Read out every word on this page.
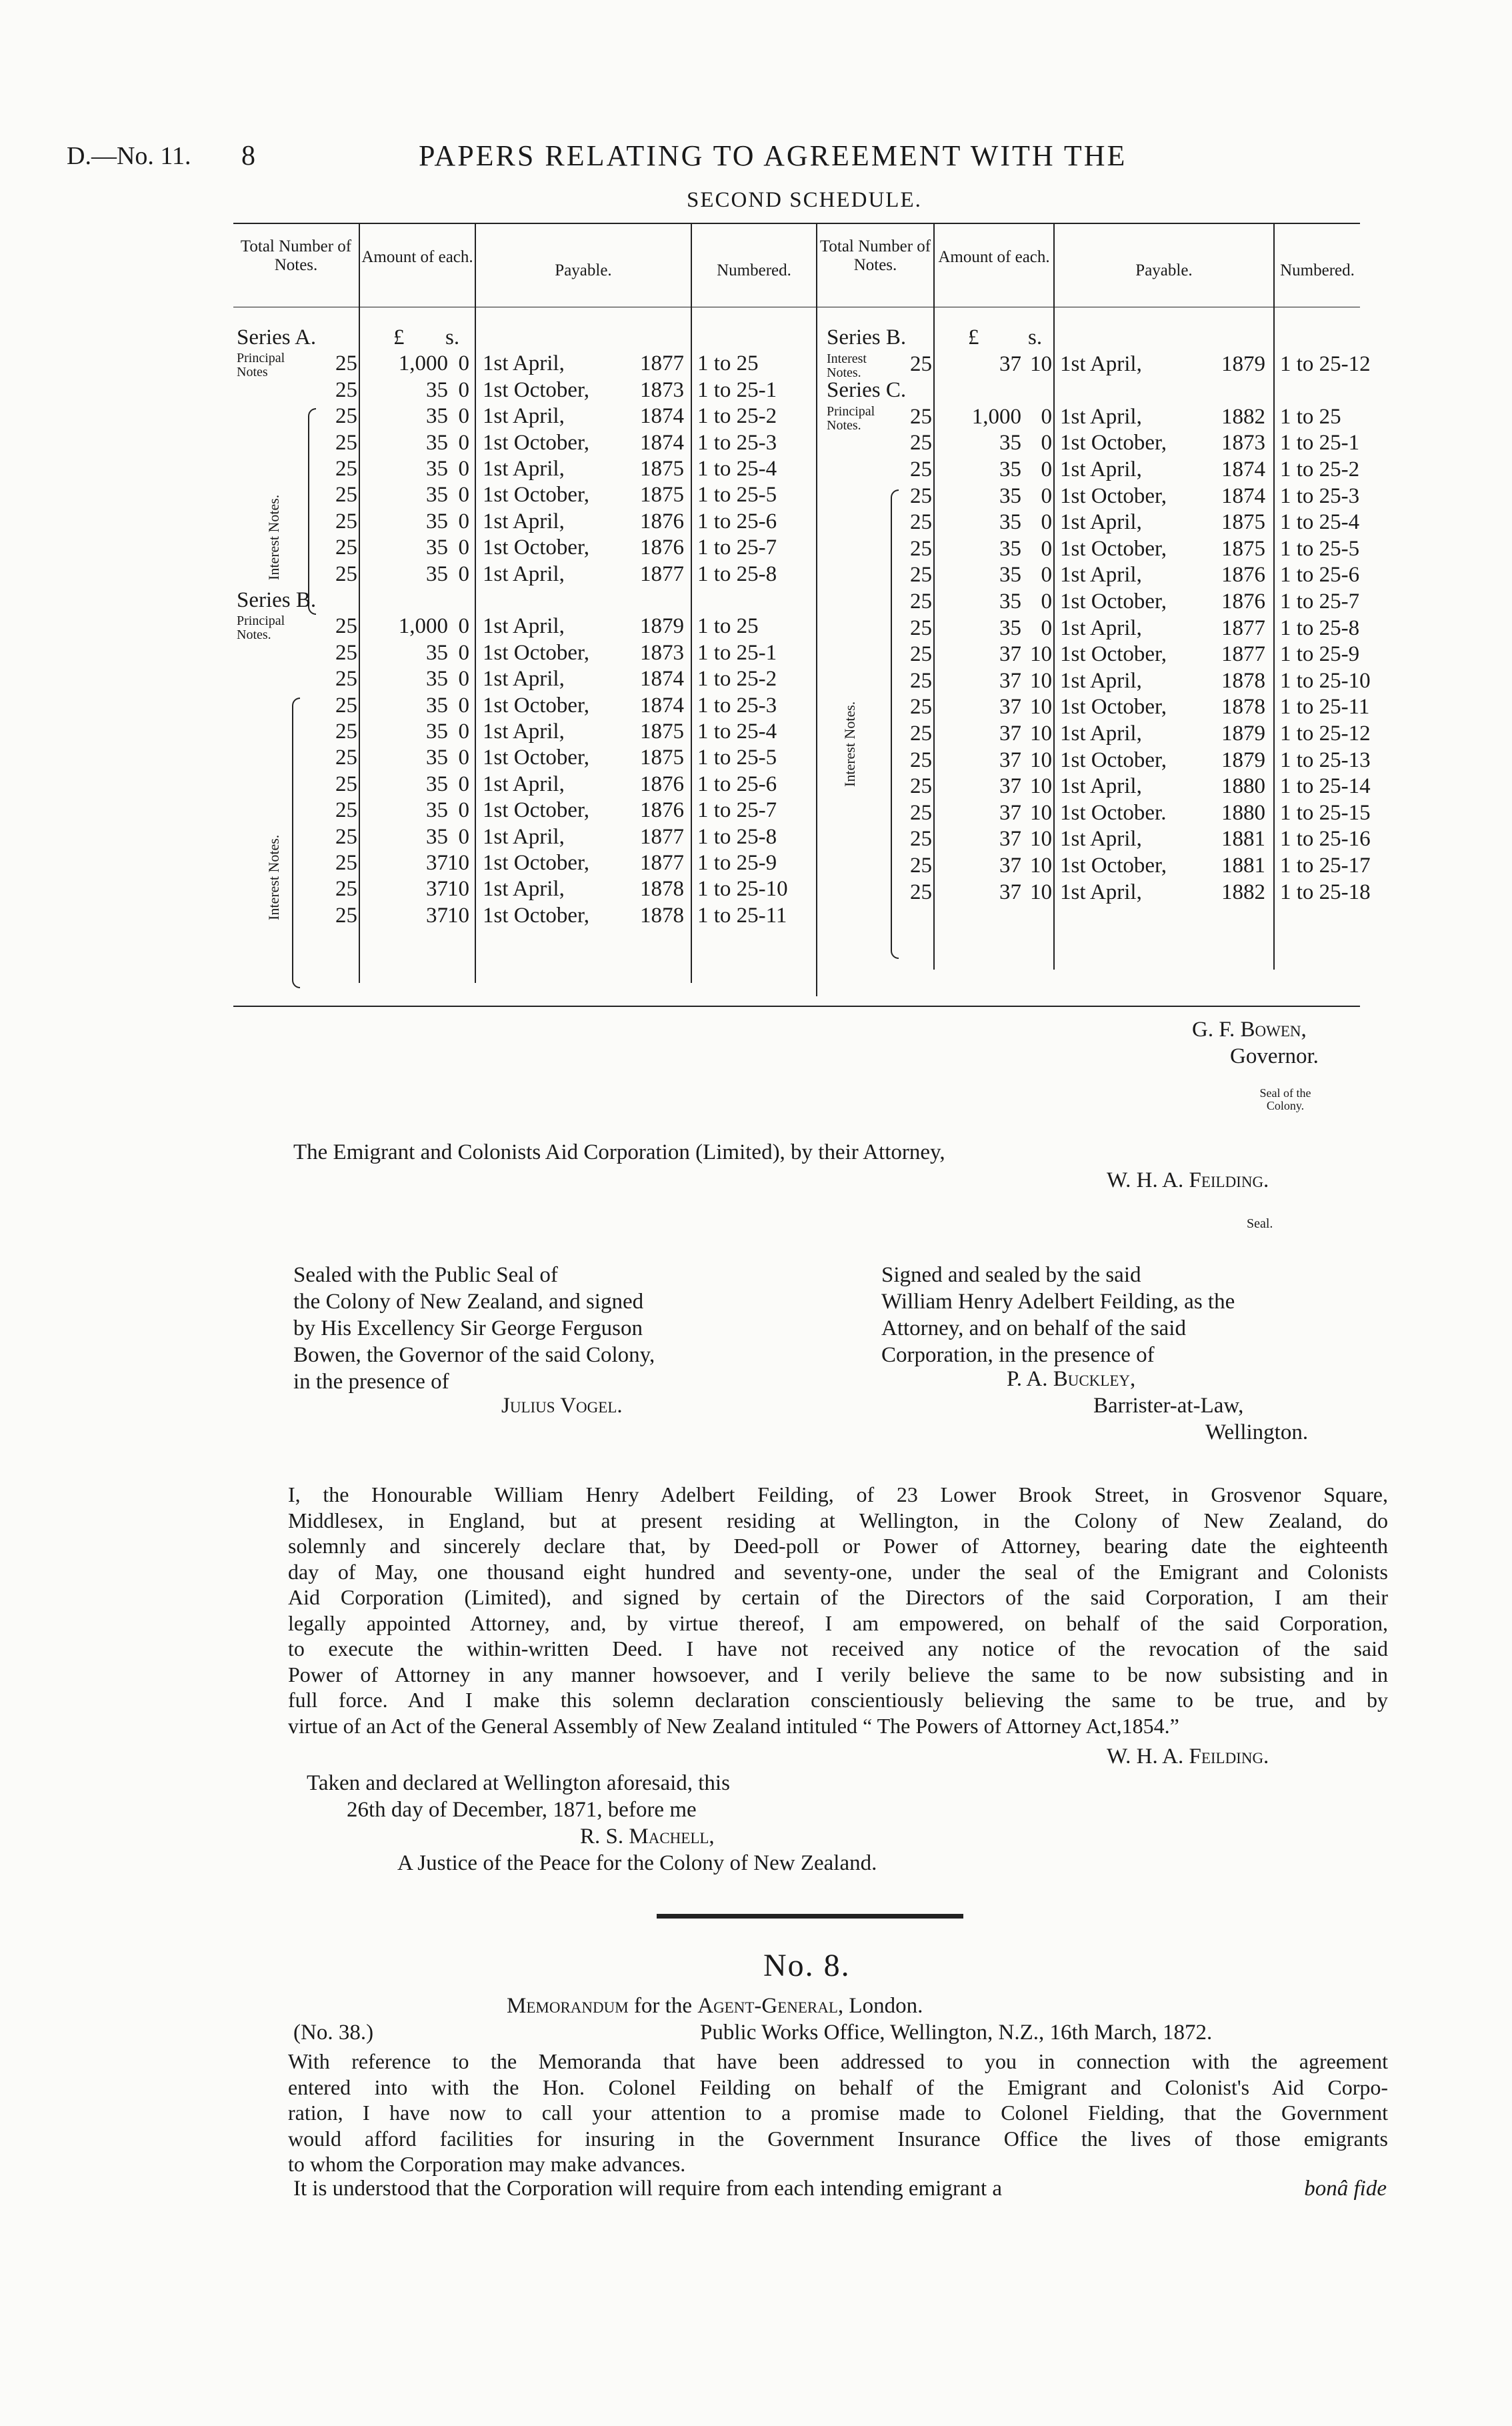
D.—No. 11. 8	PAPERS RELATING TO AGREEMENT WITH THE
SECOND SCHEDULE.
Total Number of Notes.	Amount of each.
Payable.	Numbered.
Total Number of Notes.	Amount of each.
Payable.	Numbered.
£ s.	£ s.
Interest Notes.
Interest Notes.
Interest Notes.
Series A.
Principal Notes	25	1,000 0 1st April,	1877 1 to 25
25	35 0 1st October,	1873 1 to 25-1
25	35 0 1st April,	1874 1 to 25-2
25	35 0 1st October,	1874 1 to 25-3
25	35 0 1st April,	1875 1 to 25-4
25	35 0 1st October,	1875 1 to 25-5
25	35 0 1st April,	1876 1 to 25-6
25	35 0 1st October,	1876 1 to 25-7
25	35 0 1st April,	1877 1 to 25-8
Series B.
Principal Notes.	25	1,000 0 1st April,	1879 1 to 25
25	35 0 1st October,	1873 1 to 25-1
25	35 0 1st April,	1874 1 to 25-2
25	35 0 1st October,	1874 1 to 25-3
25	35 0 1st April,	1875 1 to 25-4
25	35 0 1st October,	1875 1 to 25-5
25	35 0 1st April,	1876 1 to 25-6
25	35 0 1st October,	1876 1 to 25-7
25	35 0 1st April,	1877 1 to 25-8
25	37 10 1st October,	1877 1 to 25-9
25	37 10 1st April,	1878 1 to 25-10
25	37 10 1st October,	1878 1 to 25-11
Series B.
Interest Notes.	25	37 10 1st April,	1879 1 to 25-12
Series C.
Principal Notes.	25	1,000 0 1st April,	1882 1 to 25
25	35 0 1st October,	1873 1 to 25-1
25	35 0 1st April,	1874 1 to 25-2
25	35 0 1st October,	1874 1 to 25-3
25	35 0 1st April,	1875 1 to 25-4
25	35 0 1st October,	1875 1 to 25-5
25	35 0 1st April,	1876 1 to 25-6
25	35 0 1st October,	1876 1 to 25-7
25	35 0 1st April,	1877 1 to 25-8
25	37 10 1st October,	1877 1 to 25-9
25	37 10 1st April,	1878 1 to 25-10
25	37 10 1st October,	1878 1 to 25-11
25	37 10 1st April,	1879 1 to 25-12
25	37 10 1st October,	1879 1 to 25-13
25	37 10 1st April,	1880 1 to 25-14
25	37 10 1st October.	1880 1 to 25-15
25	37 10 1st April,	1881 1 to 25-16
25	37 10 1st October,	1881 1 to 25-17
25	37 10 1st April,	1882 1 to 25-18
G. F. Bowen,
Governor.
Seal of the Colony.
The Emigrant and Colonists Aid Corporation (Limited), by their Attorney,
W. H. A. Feilding.
Seal.
Sealed with the Public Seal of
the Colony of New Zealand, and signed
by His Excellency Sir George Ferguson
Bowen, the Governor of the said Colony,
in the presence of
Julius Vogel.
Signed and sealed by the said
William Henry Adelbert Feilding, as the
Attorney, and on behalf of the said
Corporation, in the presence of
P. A. Buckley,
Barrister-at-Law,
Wellington.
I, the Honourable William Henry Adelbert Feilding, of 23 Lower Brook Street, in Grosvenor Square,
Middlesex, in England, but at present residing at Wellington, in the Colony of New Zealand, do
solemnly and sincerely declare that, by Deed-poll or Power of Attorney, bearing date the eighteenth
day of May, one thousand eight hundred and seventy-one, under the seal of the Emigrant and Colonists
Aid Corporation (Limited), and signed by certain of the Directors of the said Corporation, I am their
legally appointed Attorney, and, by virtue thereof, I am empowered, on behalf of the said Corporation,
to execute the within-written Deed. I have not received any notice of the revocation of the said
Power of Attorney in any manner howsoever, and I verily believe the same to be now subsisting and in
full force. And I make this solemn declaration conscientiously believing the same to be true, and by
virtue of an Act of the General Assembly of New Zealand intituled “ The Powers of Attorney Act,1854.”
W. H. A. Feilding.
Taken and declared at Wellington aforesaid, this
26th day of December, 1871, before me
R. S. Machell,
A Justice of the Peace for the Colony of New Zealand.
No. 8.
Memorandum for the Agent-General, London.
(No. 38.)	Public Works Office, Wellington, N.Z., 16th March, 1872.
With reference to the Memoranda that have been addressed to you in connection with the agreement
entered into with the Hon. Colonel Feilding on behalf of the Emigrant and Colonist's Aid Corpo-
ration, I have now to call your attention to a promise made to Colonel Fielding, that the Government
would afford facilities for insuring in the Government Insurance Office the lives of those emigrants
to whom the Corporation may make advances.
It is understood that the Corporation will require from each intending emigrant a	bonâ fide
